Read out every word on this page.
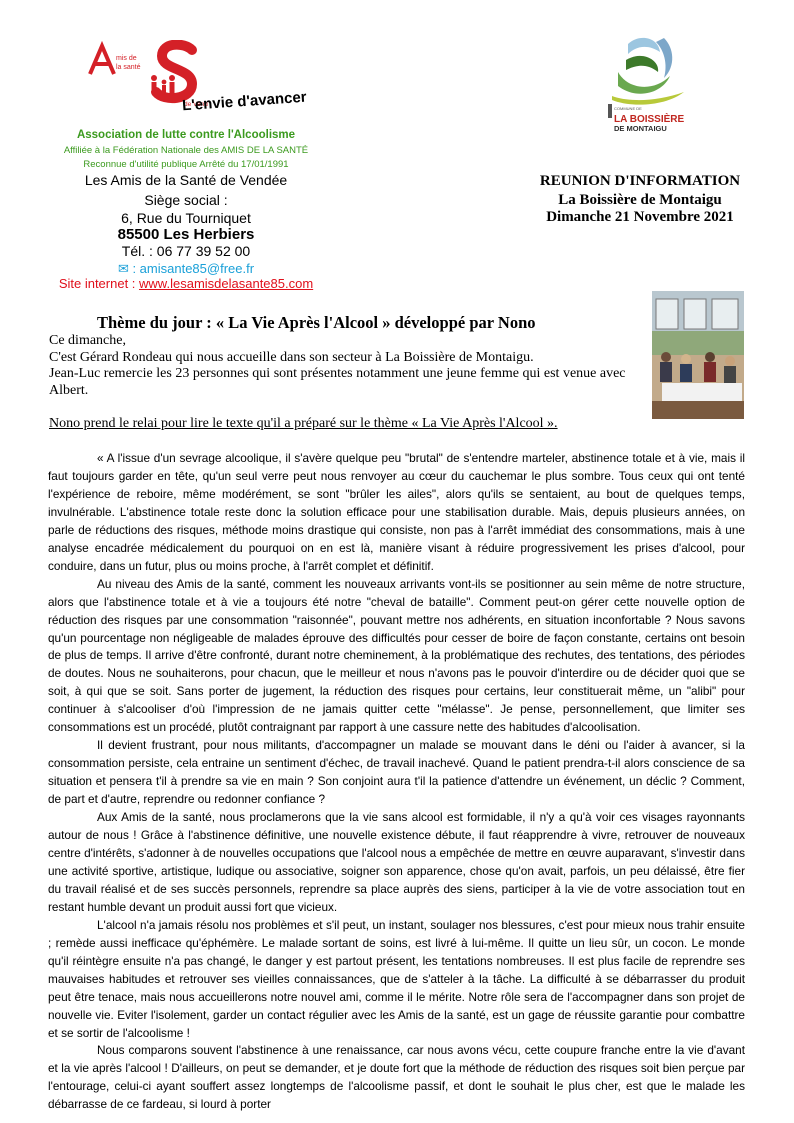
mis de
la santé
de Vend
L'envie d'avancer
Association de lutte contre l'Alcoolisme
Affiliée à la Fédération Nationale des AMIS DE LA SANTÉ
Reconnue d'utilité publique Arrêté du 17/01/1991
Les Amis de la Santé de Vendée
Siège social :
6, Rue du Tourniquet
85500 Les Herbiers
Tél. : 06 77 39 52 00
✉ : amisante85@free.fr
Site internet : www.lesamisdelasante85.com
COMMUNE DE
LA BOISSIÈRE
DE MONTAIGU
REUNION D'INFORMATION
La Boissière de Montaigu
Dimanche 21 Novembre 2021
Thème du jour : « La Vie Après l'Alcool » développé par Nono
Ce dimanche,
C'est Gérard Rondeau qui nous accueille dans son secteur à La Boissière de Montaigu.
Jean-Luc remercie les 23 personnes qui sont présentes notamment une jeune femme qui est venue avec Albert.
Nono prend le relai pour lire le texte qu'il a préparé sur le thème « La Vie Après l'Alcool ».

« A l'issue d'un sevrage alcoolique, il s'avère quelque peu "brutal" de s'entendre marteler, abstinence totale et à vie, mais il faut toujours garder en tête, qu'un seul verre peut nous renvoyer au cœur du cauchemar le plus sombre. Tous ceux qui ont tenté l'expérience de reboire, même modérément, se sont "brûler les ailes", alors qu'ils se sentaient, au bout de quelques temps, invulnérable. L'abstinence totale reste donc la solution efficace pour une stabilisation durable. Mais, depuis plusieurs années, on parle de réductions des risques, méthode moins drastique qui consiste, non pas à l'arrêt immédiat des consommations, mais à une analyse encadrée médicalement du pourquoi on en est là, manière visant à réduire progressivement les prises d'alcool, pour conduire, dans un futur, plus ou moins proche, à l'arrêt complet et définitif.

Au niveau des Amis de la santé, comment les nouveaux arrivants vont-ils se positionner au sein même de notre structure, alors que l'abstinence totale et à vie a toujours été notre "cheval de bataille". Comment peut-on gérer cette nouvelle option de réduction des risques par une consommation "raisonnée", pouvant mettre nos adhérents, en situation inconfortable ? Nous savons qu'un pourcentage non négligeable de malades éprouve des difficultés pour cesser de boire de façon constante, certains ont besoin de plus de temps. Il arrive d'être confronté, durant notre cheminement, à la problématique des rechutes, des tentations, des périodes de doutes. Nous ne souhaiterons, pour chacun, que le meilleur et nous n'avons pas le pouvoir d'interdire ou de décider quoi que se soit, à qui que se soit. Sans porter de jugement, la réduction des risques pour certains, leur constituerait même, un "alibi" pour continuer à s'alcooliser d'où l'impression de ne jamais quitter cette "mélasse". Je pense, personnellement, que limiter ses consommations est un procédé, plutôt contraignant par rapport à une cassure nette des habitudes d'alcoolisation.

Il devient frustrant, pour nous militants, d'accompagner un malade se mouvant dans le déni ou l'aider à avancer, si la consommation persiste, cela entraine un sentiment d'échec, de travail inachevé. Quand le patient prendra-t-il alors conscience de sa situation et pensera t'il à prendre sa vie en main ? Son conjoint aura t'il la patience d'attendre un événement, un déclic ? Comment, de part et d'autre, reprendre ou redonner confiance ?

Aux Amis de la santé, nous proclamerons que la vie sans alcool est formidable, il n'y a qu'à voir ces visages rayonnants autour de nous ! Grâce à l'abstinence définitive, une nouvelle existence débute, il faut réapprendre à vivre, retrouver de nouveaux centre d'intérêts, s'adonner à de nouvelles occupations que l'alcool nous a empêchée de mettre en œuvre auparavant, s'investir dans une activité sportive, artistique, ludique ou associative, soigner son apparence, chose qu'on avait, parfois, un peu délaissé, être fier du travail réalisé et de ses succès personnels, reprendre sa place auprès des siens, participer à la vie de votre association tout en restant humble devant un produit aussi fort que vicieux.

L'alcool n'a jamais résolu nos problèmes et s'il peut, un instant, soulager nos blessures, c'est pour mieux nous trahir ensuite ; remède aussi inefficace qu'éphémère. Le malade sortant de soins, est livré à lui-même. Il quitte un lieu sûr, un cocon. Le monde qu'il réintègre ensuite n'a pas changé, le danger y est partout présent, les tentations nombreuses. Il est plus facile de reprendre ses mauvaises habitudes et retrouver ses vieilles connaissances, que de s'atteler à la tâche. La difficulté à se débarrasser du produit peut être tenace, mais nous accueillerons notre nouvel ami, comme il le mérite. Notre rôle sera de l'accompagner dans son projet de nouvelle vie. Eviter l'isolement, garder un contact régulier avec les Amis de la santé, est un gage de réussite garantie pour combattre et se sortir de l'alcoolisme !

Nous comparons souvent l'abstinence à une renaissance, car nous avons vécu, cette coupure franche entre la vie d'avant et la vie après l'alcool ! D'ailleurs, on peut se demander, et je doute fort que la méthode de réduction des risques soit bien perçue par l'entourage, celui-ci ayant souffert assez longtemps de l'alcoolisme passif, et dont le souhait le plus cher, est que le malade les débarrasse de ce fardeau, si lourd à porter
